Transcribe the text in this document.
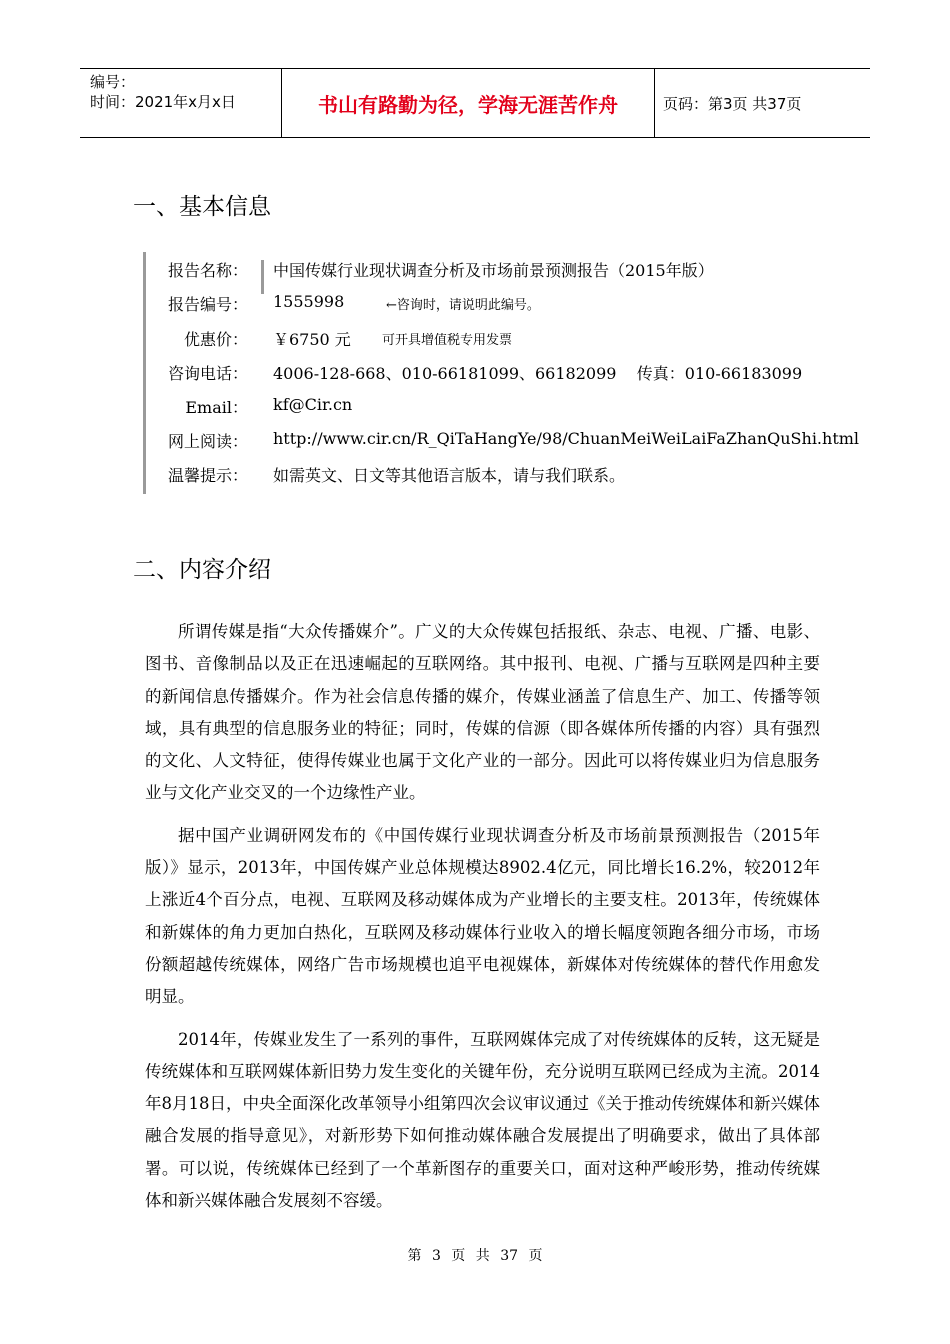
编号：
时间：2021年x月x日	书山有路勤为径，学海无涯苦作舟	页码：第3页 共37页
一、基本信息
报告名称： 中国传媒行业现状调查分析及市场前景预测报告（2015年版）
报告编号： 1555998	←咨询时，请说明此编号。
优惠价： ￥6750 元 可开具增值税专用发票
咨询电话： 4006-128-668、010-66181099、66182099    传真：010-66183099
Email： kf@Cir.cn
网上阅读： http://www.cir.cn/R_QiTaHangYe/98/ChuanMeiWeiLaiFaZhanQuShi.html
温馨提示： 如需英文、日文等其他语言版本，请与我们联系。
二、内容介绍

所谓传媒是指“大众传播媒介”。广义的大众传媒包括报纸、杂志、电视、广播、电影、图书、音像制品以及正在迅速崛起的互联网络。其中报刊、电视、广播与互联网是四种主要的新闻信息传播媒介。作为社会信息传播的媒介，传媒业涵盖了信息生产、加工、传播等领域，具有典型的信息服务业的特征；同时，传媒的信源（即各媒体所传播的内容）具有强烈的文化、人文特征，使得传媒业也属于文化产业的一部分。因此可以将传媒业归为信息服务业与文化产业交叉的一个边缘性产业。

据中国产业调研网发布的《中国传媒行业现状调查分析及市场前景预测报告（2015年版）》显示，2013年，中国传媒产业总体规模达8902.4亿元，同比增长16.2%，较2012年上涨近4个百分点，电视、互联网及移动媒体成为产业增长的主要支柱。2013年，传统媒体和新媒体的角力更加白热化，互联网及移动媒体行业收入的增长幅度领跑各细分市场，市场份额超越传统媒体，网络广告市场规模也追平电视媒体，新媒体对传统媒体的替代作用愈发明显。

2014年，传媒业发生了一系列的事件，互联网媒体完成了对传统媒体的反转，这无疑是传统媒体和互联网媒体新旧势力发生变化的关键年份，充分说明互联网已经成为主流。2014年8月18日，中央全面深化改革领导小组第四次会议审议通过《关于推动传统媒体和新兴媒体融合发展的指导意见》，对新形势下如何推动媒体融合发展提出了明确要求，做出了具体部署。可以说，传统媒体已经到了一个革新图存的重要关口，面对这种严峻形势，推动传统媒体和新兴媒体融合发展刻不容缓。

第 3 页 共 37 页
